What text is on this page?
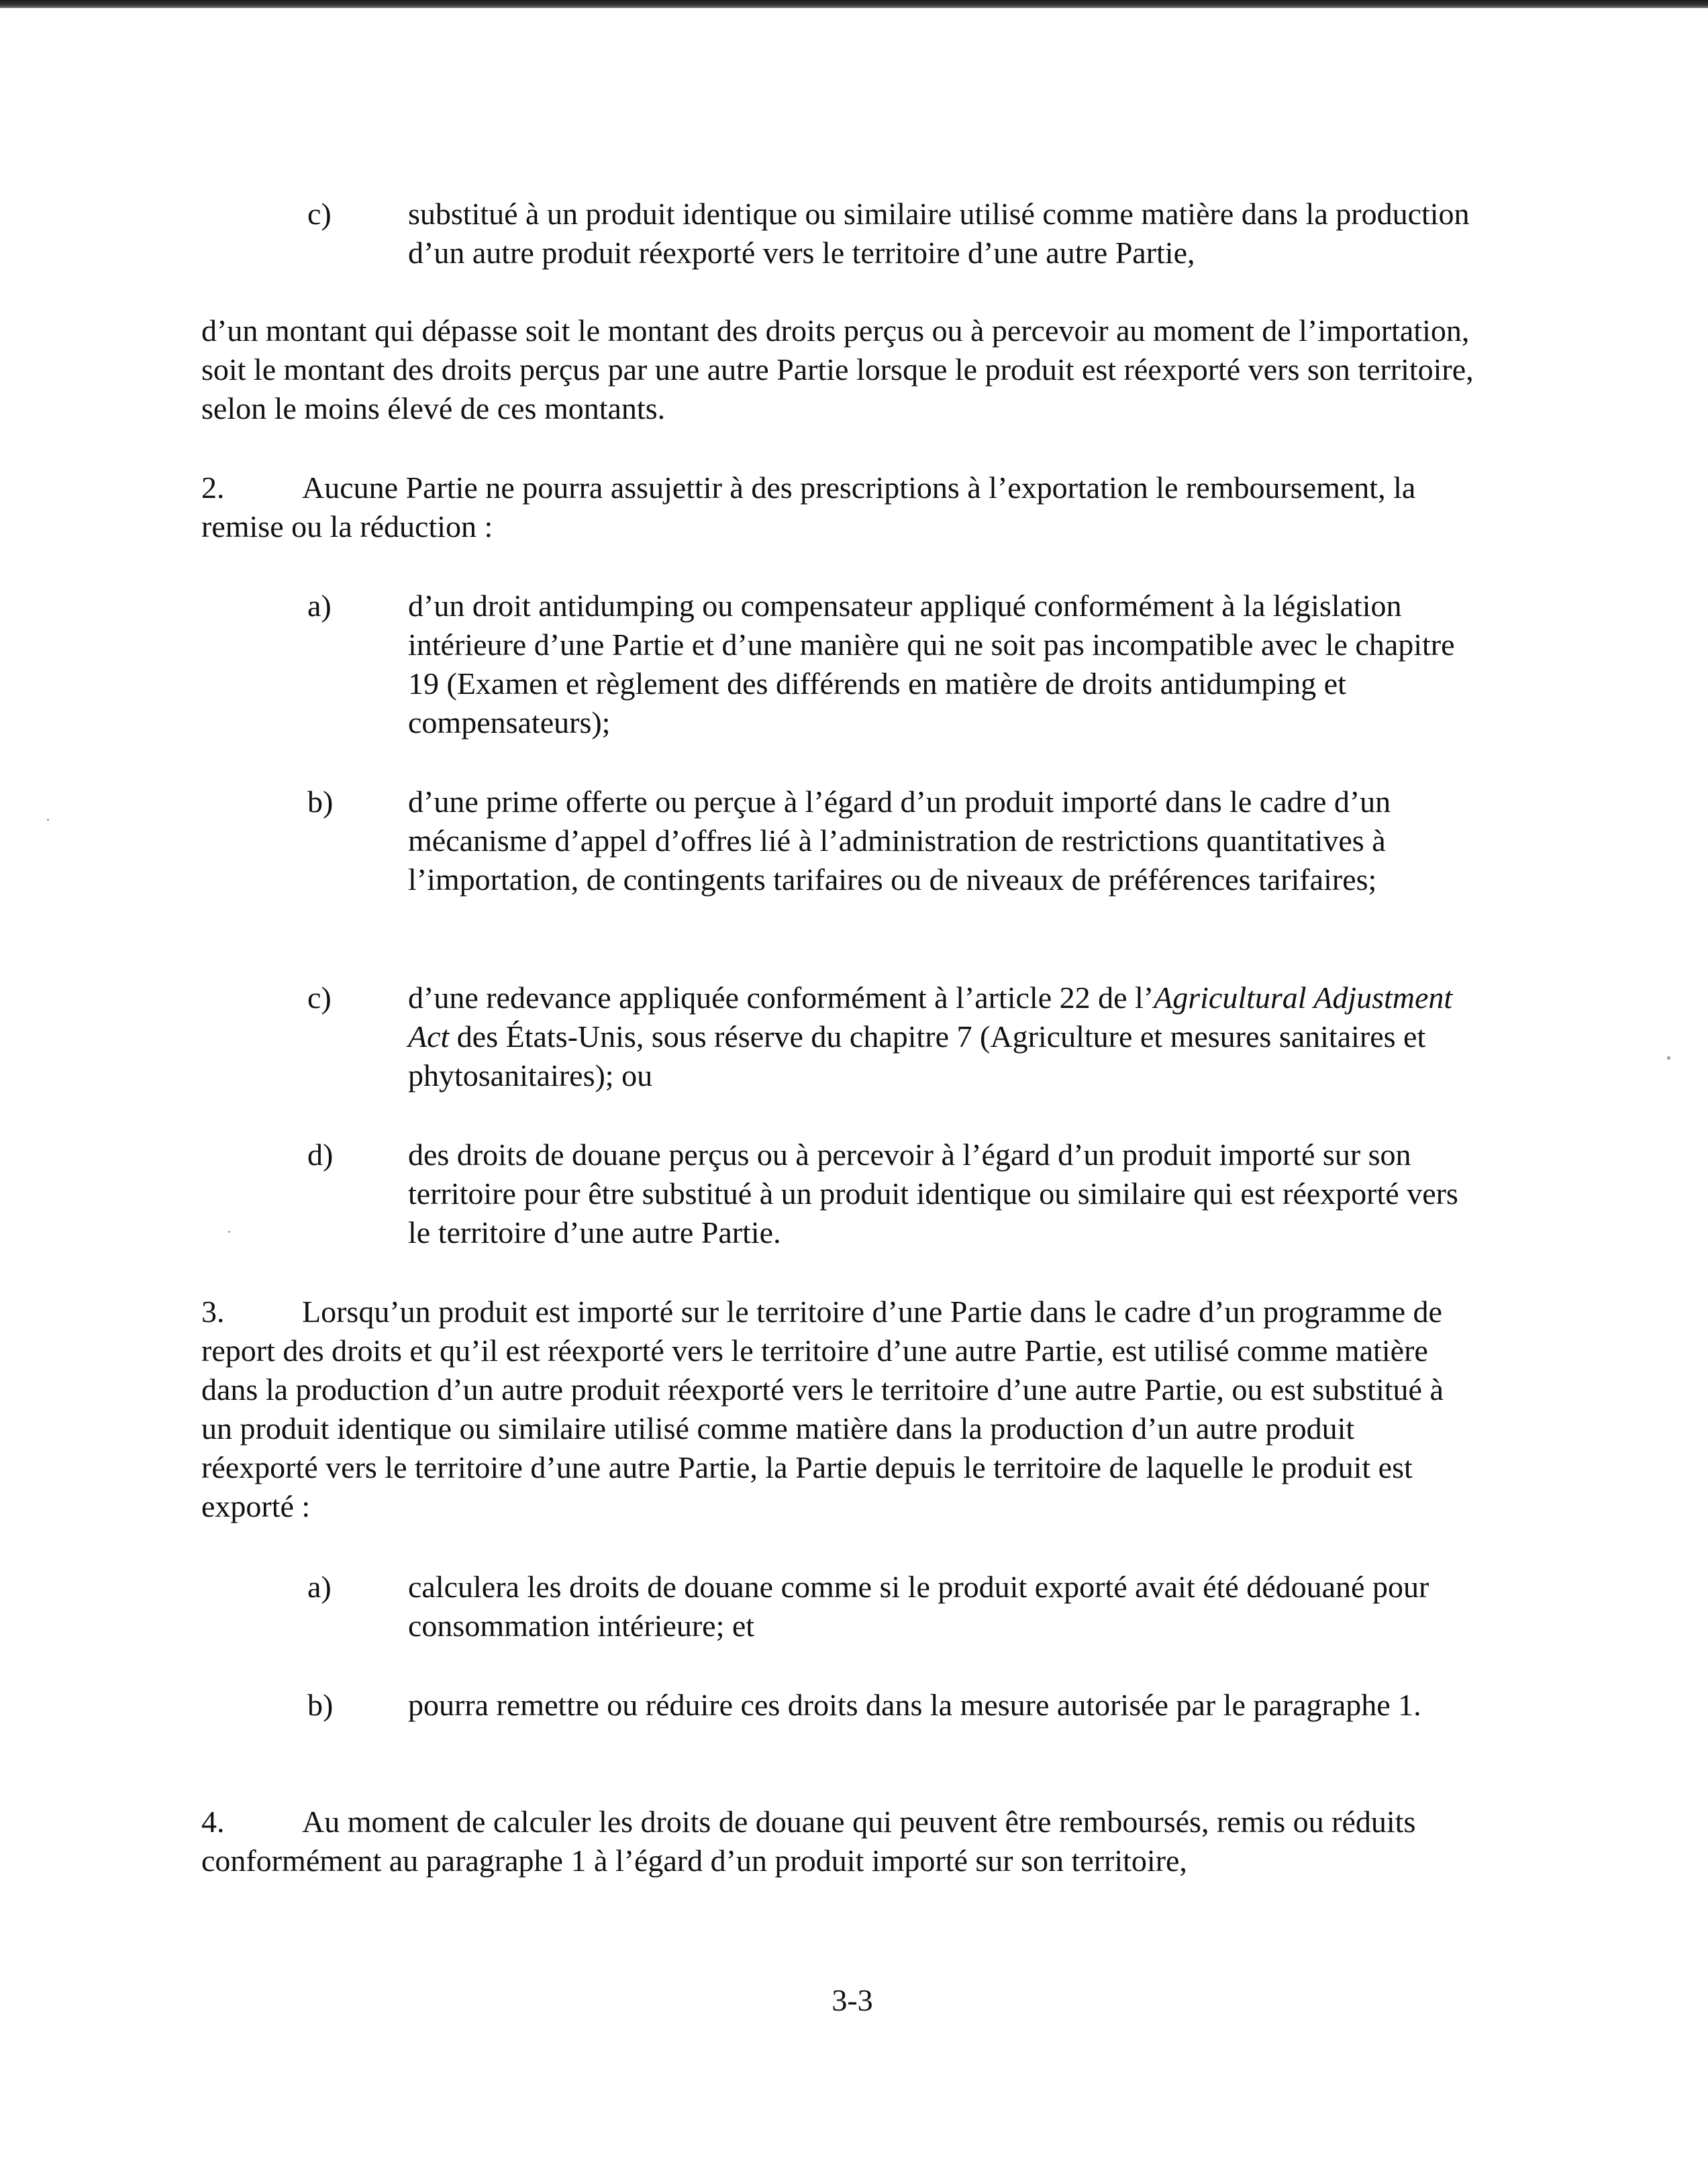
c) substitué à un produit identique ou similaire utilisé comme matière dans la production d’un autre produit réexporté vers le territoire d’une autre Partie,

d’un montant qui dépasse soit le montant des droits perçus ou à percevoir au moment de l’importation, soit le montant des droits perçus par une autre Partie lorsque le produit est réexporté vers son territoire, selon le moins élevé de ces montants.

2.	Aucune Partie ne pourra assujettir à des prescriptions à l’exportation le remboursement, la remise ou la réduction :

a) d’un droit antidumping ou compensateur appliqué conformément à la législation intérieure d’une Partie et d’une manière qui ne soit pas incompatible avec le chapitre 19 (Examen et règlement des différends en matière de droits antidumping et compensateurs);
b) d’une prime offerte ou perçue à l’égard d’un produit importé dans le cadre d’un mécanisme d’appel d’offres lié à l’administration de restrictions quantitatives à l’importation, de contingents tarifaires ou de niveaux de préférences tarifaires;
c) d’une redevance appliquée conformément à l’article 22 de l’Agricultural Adjustment Act des États-Unis, sous réserve du chapitre 7 (Agriculture et mesures sanitaires et phytosanitaires); ou
d) des droits de douane perçus ou à percevoir à l’égard d’un produit importé sur son territoire pour être substitué à un produit identique ou similaire qui est réexporté vers le territoire d’une autre Partie.

3.	Lorsqu’un produit est importé sur le territoire d’une Partie dans le cadre d’un programme de report des droits et qu’il est réexporté vers le territoire d’une autre Partie, est utilisé comme matière dans la production d’un autre produit réexporté vers le territoire d’une autre Partie, ou est substitué à un produit identique ou similaire utilisé comme matière dans la production d’un autre produit réexporté vers le territoire d’une autre Partie, la Partie depuis le territoire de laquelle le produit est exporté :

a) calculera les droits de douane comme si le produit exporté avait été dédouané pour consommation intérieure; et
b) pourra remettre ou réduire ces droits dans la mesure autorisée par le paragraphe 1.

4.	Au moment de calculer les droits de douane qui peuvent être remboursés, remis ou réduits conformément au paragraphe 1 à l’égard d’un produit importé sur son territoire,

3-3
